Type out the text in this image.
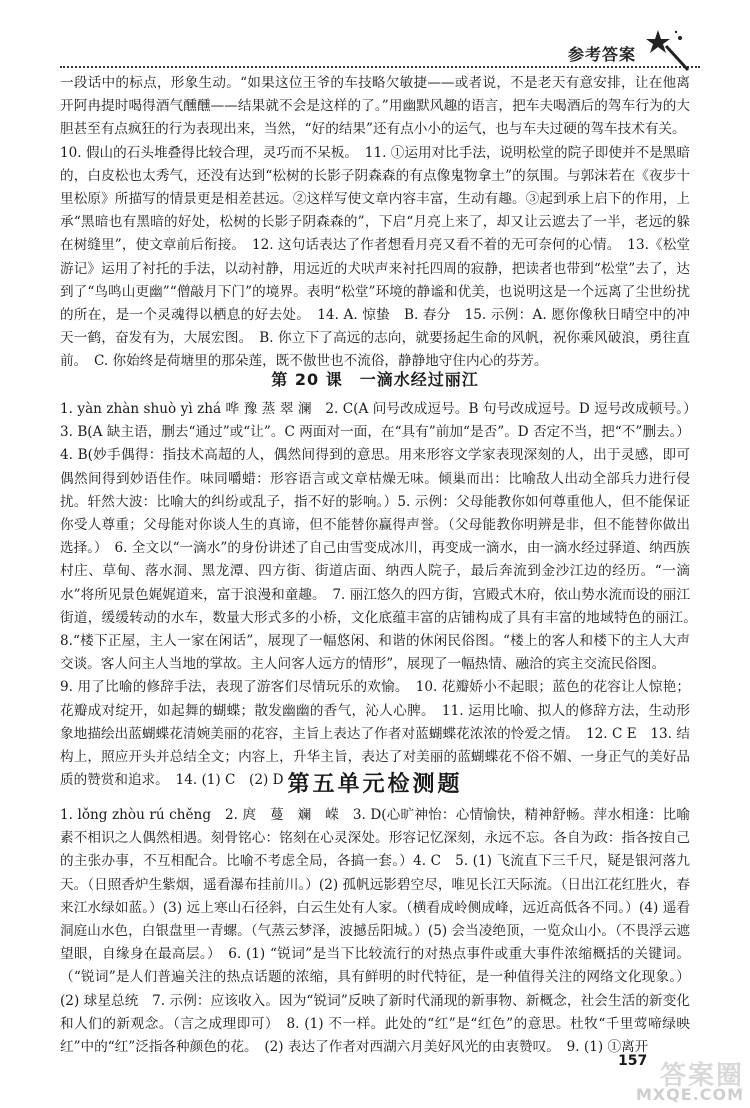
参考答案

一段话中的标点，形象生动。“如果这位王爷的车技略欠敏捷——或者说，不是老天有意安排，让在他离开阿冉提时喝得酒气醺醺——结果就不会是这样的了。”用幽默风趣的语言，把车夫喝酒后的驾车行为的大胆甚至有点疯狂的行为表现出来，当然，“好的结果”还有点小小的运气，也与车夫过硬的驾车技术有关。

10. 假山的石头堆叠得比较合理，灵巧而不呆板。　11. ①运用对比手法，说明松堂的院子即使并不是黑暗的，白皮松也太秀气，还没有达到“松树的长影子阴森森的有点像鬼物拿土”的氛围。与郭沫若在《夜步十里松原》所描写的情景更是相差甚远。②这样写使文章内容丰富，生动有趣。③起到承上启下的作用，上承“黑暗也有黑暗的好处，松树的长影子阴森森的”，下启“月亮上来了，却又让云遮去了一半，老远的躲在树缝里”，使文章前后衔接。　12. 这句话表达了作者想看月亮又看不着的无可奈何的心情。　13.《松堂游记》运用了衬托的手法，以动衬静，用远近的犬吠声来衬托四周的寂静，把读者也带到“松堂”去了，达到了“鸟鸣山更幽”“僧敲月下门”的境界。表明“松堂”环境的静谧和优美，也说明这是一个远离了尘世纷扰的所在，是一个灵魂得以栖息的好去处。　14. A. 惊蛰　B. 春分　15. 示例：A. 愿你像秋日晴空中的冲天一鹤，奋发有为，大展宏图。　B. 你立下了高远的志向，就要扬起生命的风帆，祝你乘风破浪，勇往直前。　C. 你始终是荷塘里的那朵莲，既不傲世也不流俗，静静地守住内心的芬芳。

第 20 课　一滴水经过丽江

1. yàn zhàn shuò yì zhá 哗 豫 蒸 翠 澜　2. C(A 问号改成逗号。B 句号改成逗号。D 逗号改成顿号。）3. B(A 缺主语，删去“通过”或“让”。C 两面对一面，在“具有”前加“是否”。D 否定不当，把“不”删去。）4. B(妙手偶得：指技术高超的人，偶然间得到的意思。用来形容文学家表现深刻的人，出于灵感，即可偶然间得到妙语佳作。味同嚼蜡：形容语言或文章枯燥无味。倾巢而出：比喻敌人出动全部兵力进行侵扰。轩然大波：比喻大的纠纷或乱子，指不好的影响。）5. 示例：父母能教你如何尊重他人，但不能保证你受人尊重；父母能对你谈人生的真谛，但不能替你赢得声誉。（父母能教你明辨是非，但不能替你做出选择。）　6. 全文以“一滴水”的身份讲述了自己由雪变成冰川，再变成一滴水，由一滴水经过驿道、纳西族村庄、草甸、落水洞、黑龙潭、四方街、街道店面、纳西人院子，最后奔流到金沙江边的经历。“一滴水”将所见景色娓娓道来，富于浪漫和童趣。　7. 丽江悠久的四方街，宫殿式木府，依山势水流而设的丽江街道，缓缓转动的水车，数量大形式多的小桥，文化底蕴丰富的店铺构成了具有丰富的地域特色的丽江。　8.“楼下正屋，主人一家在闲话”，展现了一幅悠闲、和谐的休闲民俗图。“楼上的客人和楼下的主人大声交谈。客人问主人当地的掌故。主人问客人远方的情形”，展现了一幅热情、融洽的宾主交流民俗图。

9. 用了比喻的修辞手法，表现了游客们尽情玩乐的欢愉。　10. 花瓣娇小不起眼；蓝色的花容让人惊艳；花瓣成对绽开，如起舞的蝴蝶；散发幽幽的香气，沁人心脾。　11. 运用比喻、拟人的修辞方法，生动形象地描绘出蓝蝴蝶花清婉美丽的花容，主旨上表达了作者对蓝蝴蝶花浓浓的怜爱之情。　12. C E　13. 结构上，照应开头并总结全文；内容上，升华主旨，表达了对美丽的蓝蝴蝶花不俗不媚、一身正气的美好品质的赞赏和追求。　14. (1) C　(2) D 第五单元检测题

1. lǒng zhòu rú chěng　2. 庹　蔓　斓　嵘　3. D(心旷神怡：心情愉快，精神舒畅。萍水相逢：比喻素不相识之人偶然相遇。刻骨铭心：铭刻在心灵深处。形容记忆深刻，永远不忘。各自为政：指各按自己的主张办事，不互相配合。比喻不考虑全局，各搞一套。）4. C　5. (1) 飞流直下三千尺，疑是银河落九天。（日照香炉生紫烟，遥看瀑布挂前川。）(2) 孤帆远影碧空尽，唯见长江天际流。（日出江花红胜火，春来江水绿如蓝。）(3) 远上寒山石径斜，白云生处有人家。（横看成岭侧成峰，远近高低各不同。）(4) 遥看洞庭山水色，白银盘里一青螺。（气蒸云梦泽，波撼岳阳城。）(5) 会当凌绝顶，一览众山小。（不畏浮云遮望眼，自缘身在最高层。）　6. (1) “锐词”是当下比较流行的对热点事件或重大事件浓缩概括的关键词。（“锐词”是人们普遍关注的热点话题的浓缩，具有鲜明的时代特征，是一种值得关注的网络文化现象。）(2) 球星总统　7. 示例：应该收入。因为“锐词”反映了新时代涌现的新事物、新概念，社会生活的新变化和人们的新观念。（言之成理即可）　8. (1) 不一样。此处的“红”是“红色”的意思。杜牧“千里莺啼绿映红”中的“红”泛指各种颜色的花。　(2) 表达了作者对西湖六月美好风光的由衷赞叹。　9. (1) ①离开

157 答案圈
MXQE.COM
